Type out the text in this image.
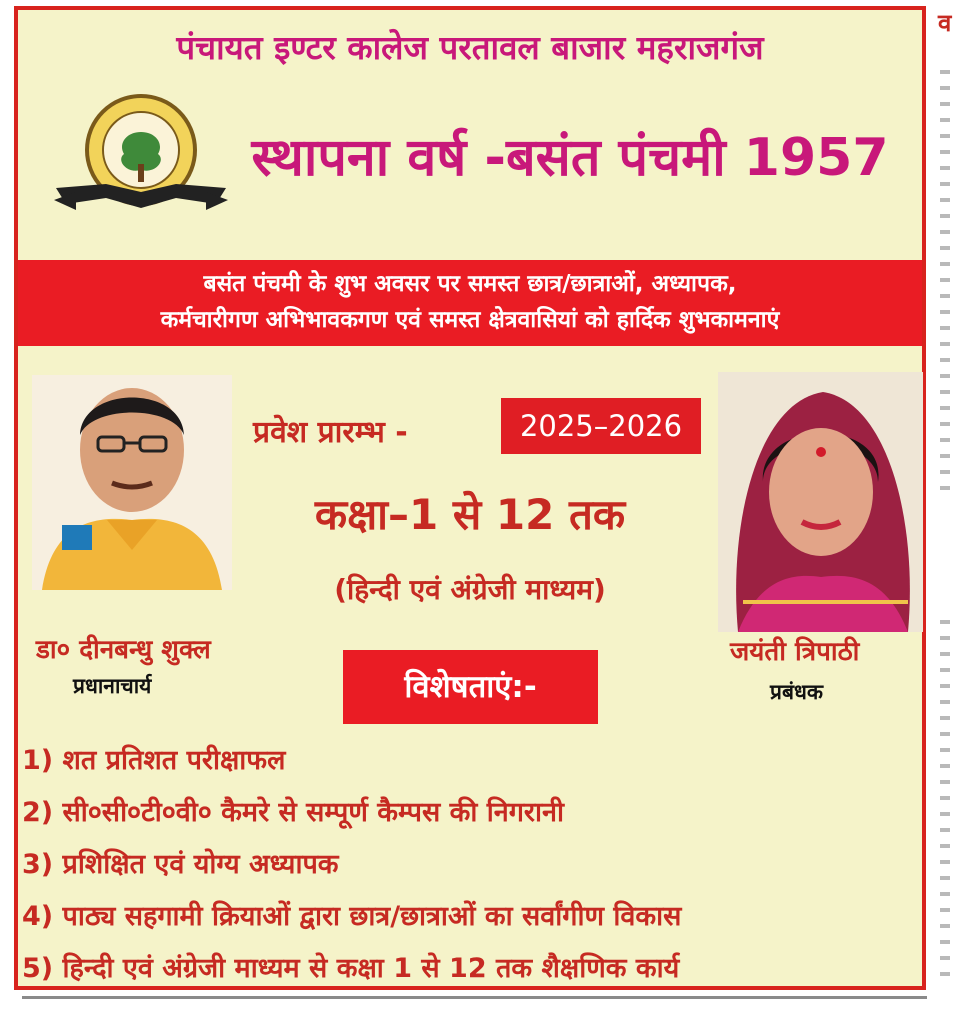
पंचायत इण्टर कालेज परतावल बाजार महराजगंज
स्थापना वर्ष -बसंत पंचमी 1957
बसंत पंचमी के शुभ अवसर पर समस्त छात्र/छात्राओं, अध्यापक,
कर्मचारीगण अभिभावकगण एवं समस्त क्षेत्रवासियां को हार्दिक शुभकामनाएं
प्रवेश प्रारम्भ -	2025–2026
कक्षा–1 से 12 तक
(हिन्दी एवं अंग्रेजी माध्यम)
डा० दीनबन्धु शुक्ल
प्रधानाचार्य
जयंती त्रिपाठी
प्रबंधक
विशेषताएं:-
1) शत प्रतिशत परीक्षाफल
2) सी०सी०टी०वी० कैमरे से सम्पूर्ण कैम्पस की निगरानी
3) प्रशिक्षित एवं योग्य अध्यापक
4) पाठ्य सहगामी क्रियाओं द्वारा छात्र/छात्राओं का सर्वांगीण विकास
5) हिन्दी एवं अंग्रेजी माध्यम से कक्षा 1 से 12 तक शैक्षणिक कार्य
व
